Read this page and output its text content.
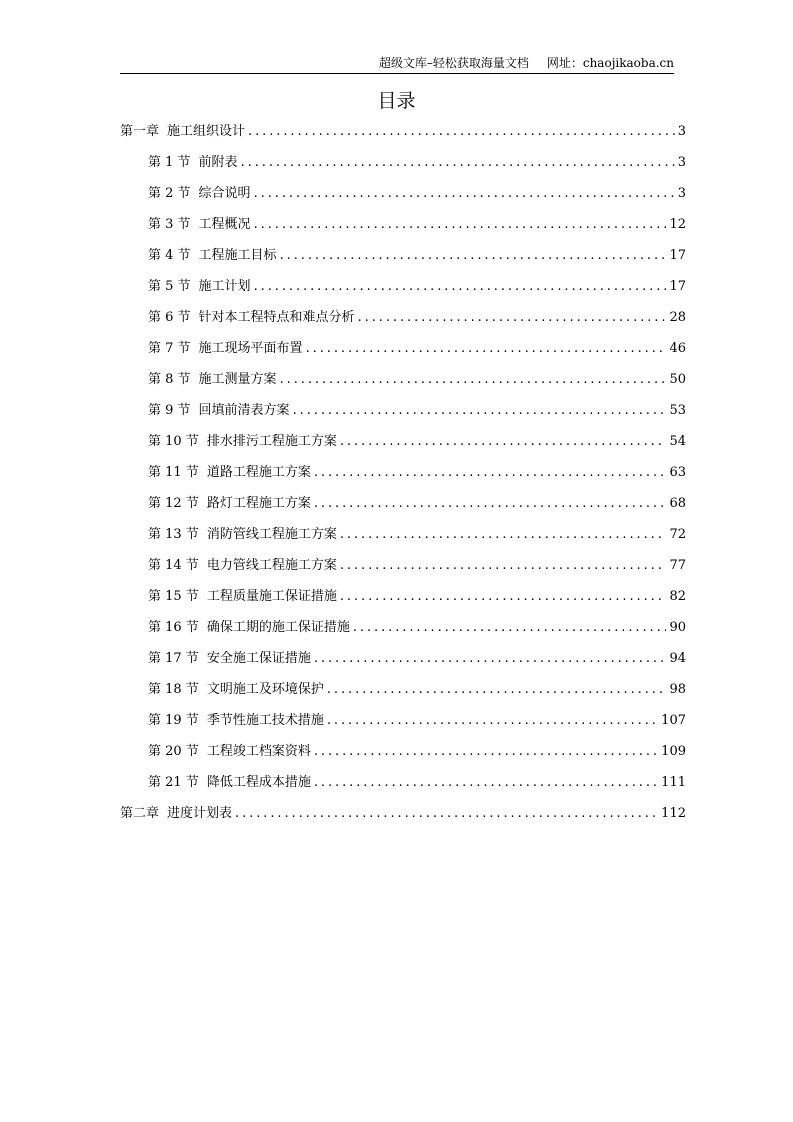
超级文库–轻松获取海量文档 网址：chaojikaoba.cn
目录
第一章 施工组织设计 . . .	3
第 1 节 前附表 . . .	3
第 2 节 综合说明 . . .	3
第 3 节 工程概况 . . .	12
第 4 节 工程施工目标 . . .	17
第 5 节 施工计划 . . .	17
第 6 节 针对本工程特点和难点分析 . . .	28
第 7 节 施工现场平面布置 . . .	46
第 8 节 施工测量方案 . . .	50
第 9 节 回填前清表方案 . . .	53
第 10 节 排水排污工程施工方案 . . .	54
第 11 节 道路工程施工方案 . . .	63
第 12 节 路灯工程施工方案 . . .	68
第 13 节 消防管线工程施工方案 . . .	72
第 14 节 电力管线工程施工方案 . . .	77
第 15 节 工程质量施工保证措施 . . .	82
第 16 节 确保工期的施工保证措施 . . .	90
第 17 节 安全施工保证措施 . . .	94
第 18 节 文明施工及环境保护 . . .	98
第 19 节 季节性施工技术措施 . . .	107
第 20 节 工程竣工档案资料 . . .	109
第 21 节 降低工程成本措施 . . .	111
第二章 进度计划表 . . .	112
